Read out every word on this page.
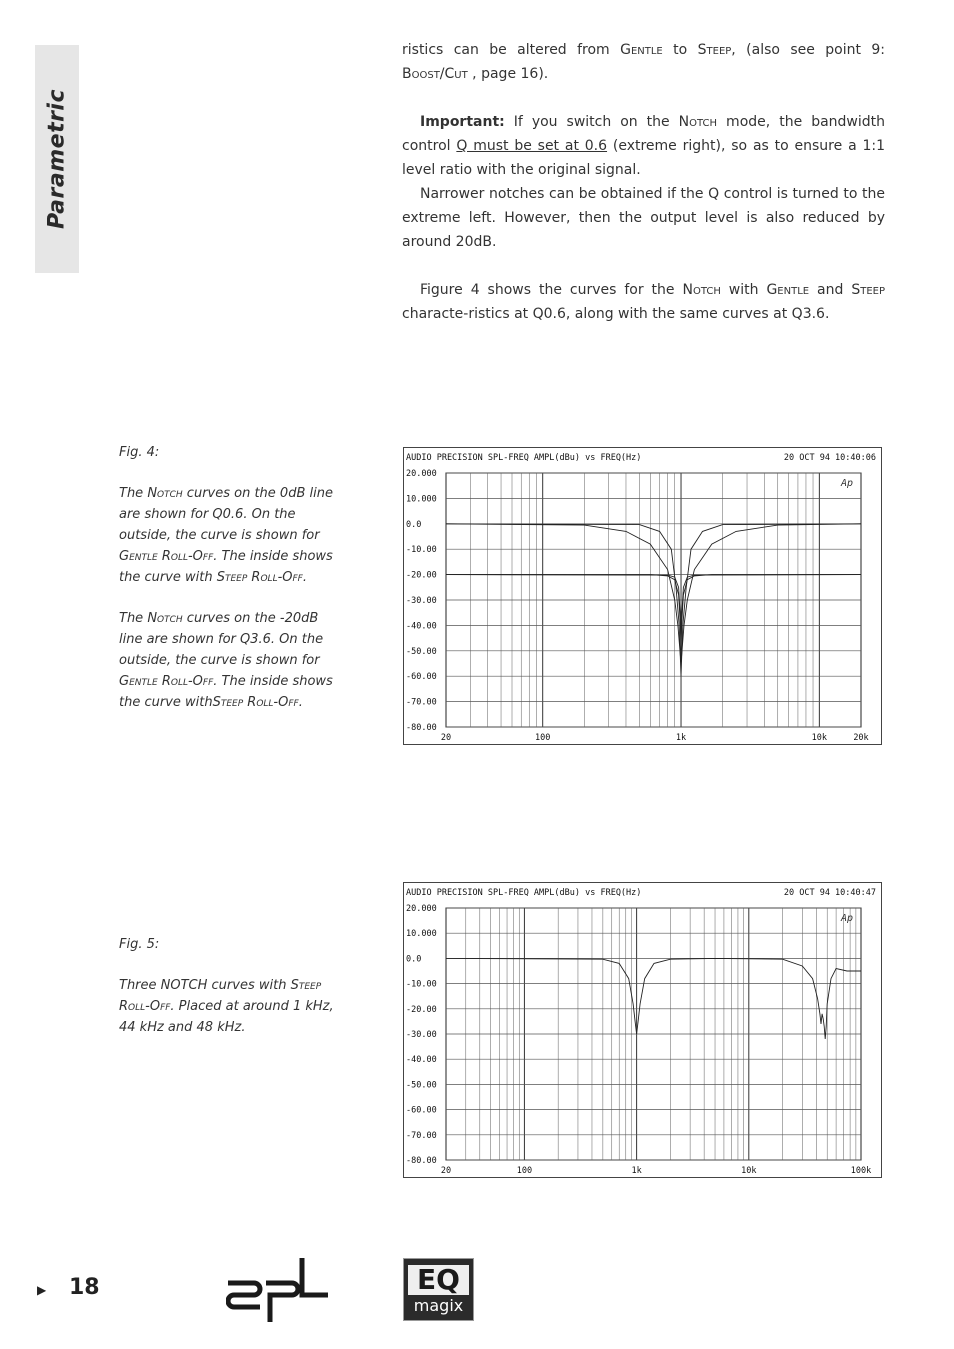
Parametric

ristics can be altered from Gentle to Steep, (also see point 9: Boost/Cut , page 16).

Important: If you switch on the Notch mode, the bandwidth control Q must be set at 0.6 (extreme right), so as to ensure a 1:1 level ratio with the original signal.

Narrower notches can be obtained if the Q control is turned to the extreme left. However, then the output level is also reduced by around 20dB.

Figure 4 shows the curves for the Notch with Gentle and Steep characte-ristics at Q0.6, along with the same curves at Q3.6.

Fig. 4:

The Notch curves on the 0dB line are shown for Q0.6. On the outside, the curve is shown for Gentle Roll-Off. The inside shows the curve with Steep Roll-Off.

The Notch curves on the -20dB line are shown for Q3.6. On the outside, the curve is shown for Gentle Roll-Off. The inside shows the curve withSteep Roll-Off.

Fig. 5:

Three NOTCH curves with Steep Roll-Off. Placed at around 1 kHz, 44 kHz and 48 kHz.

AUDIO PRECISION SPL-FREQ AMPL(dBu) vs FREQ(Hz)	20 OCT 94 10:40:06
20.000
10.000
0.0
-10.00
-20.00
-30.00
-40.00
-50.00
-60.00
-70.00
-80.00
20	100	1k	10k	20k
Ap
AUDIO PRECISION SPL-FREQ AMPL(dBu) vs FREQ(Hz)	20 OCT 94 10:40:47
20.000
10.000
0.0
-10.00
-20.00
-30.00
-40.00
-50.00
-60.00
-70.00
-80.00
20	100	1k	10k	100k
Ap
▶ 18	EQ
magix
